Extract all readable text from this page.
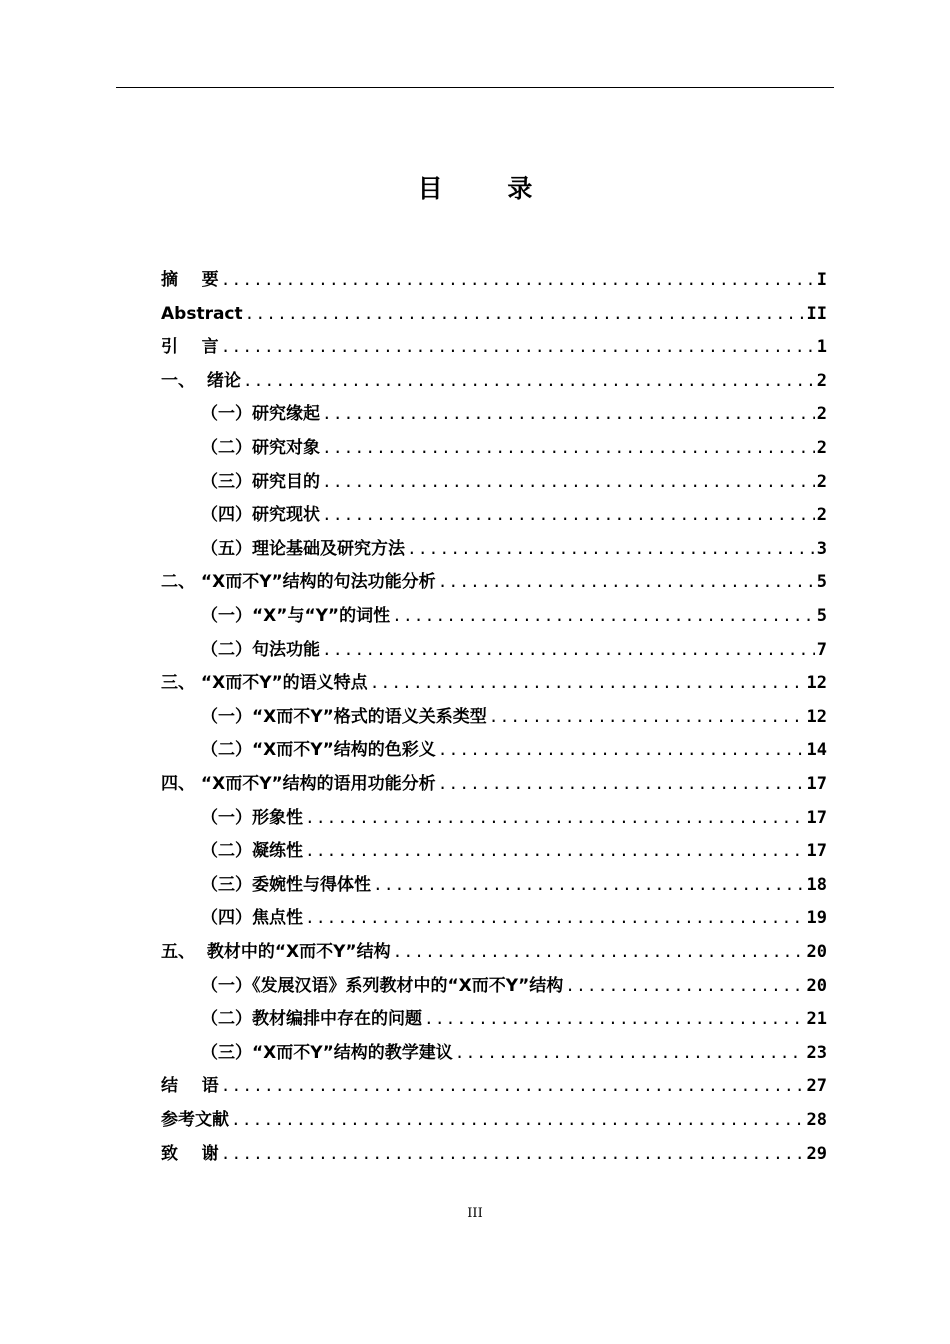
目 录
摘    要 .....	I
Abstract .....	II
引    言 .....	1
一、  绪论 .....	2
（一）研究缘起 .....	2
（二）研究对象 .....	2
（三）研究目的 .....	2
（四）研究现状 .....	2
（五）理论基础及研究方法 .....	3
二、 “X而不Y”结构的句法功能分析 .....	5
（一）“X”与“Y”的词性 .....	5
（二）句法功能 .....	7
三、 “X而不Y”的语义特点 .....	12
（一）“X而不Y”格式的语义关系类型 .....	12
（二）“X而不Y”结构的色彩义 .....	14
四、 “X而不Y”结构的语用功能分析 .....	17
（一）形象性 .....	17
（二）凝练性 .....	17
（三）委婉性与得体性 .....	18
（四）焦点性 .....	19
五、  教材中的“X而不Y”结构 .....	20
（一）《发展汉语》系列教材中的“X而不Y”结构 .....	20
（二）教材编排中存在的问题 .....	21
（三）“X而不Y”结构的教学建议 .....	23
结    语 .....	27
参考文献 .....	28
致    谢 .....	29
III
